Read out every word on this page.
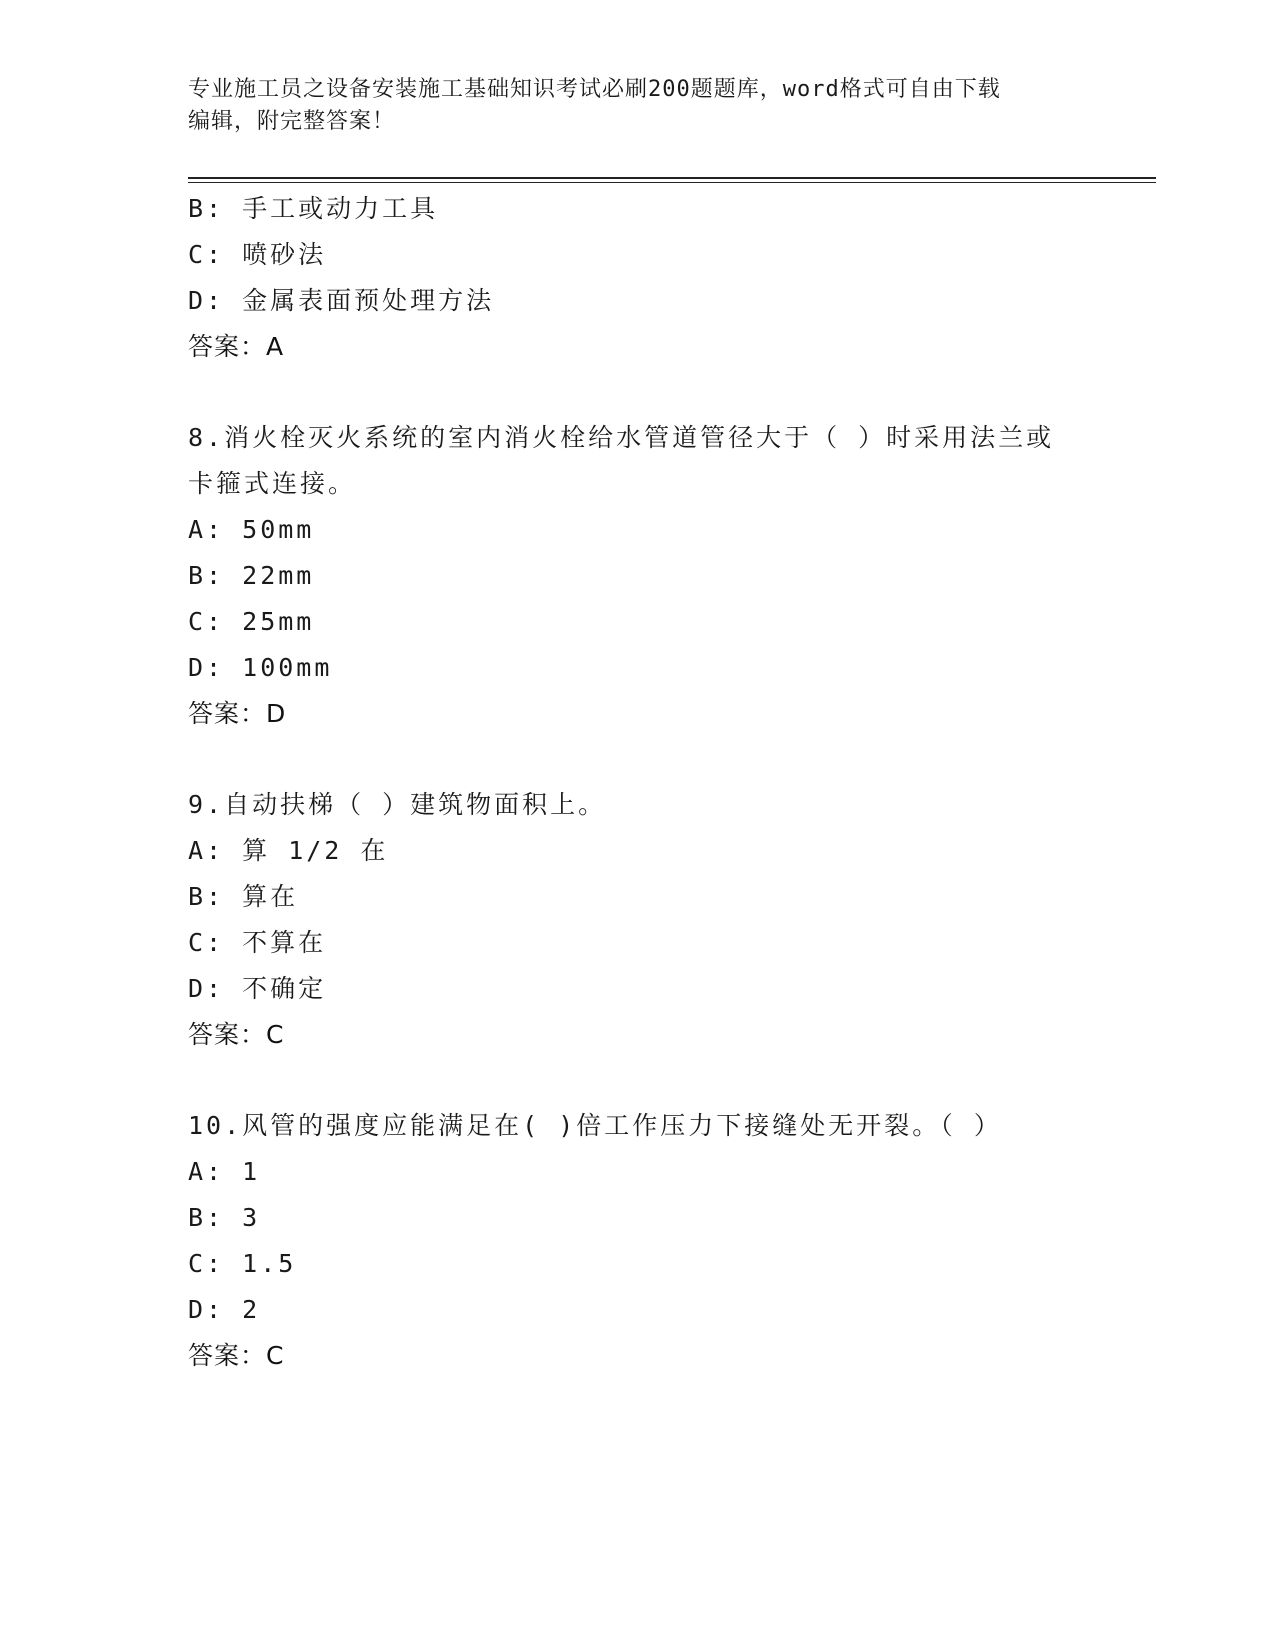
专业施工员之设备安装施工基础知识考试必刷200题题库，word格式可自由下载
编辑，附完整答案！
B: 手工或动力工具
C: 喷砂法
D: 金属表面预处理方法
答案：A
8.消火栓灭火系统的室内消火栓给水管道管径大于（ ）时采用法兰或
卡箍式连接。
A: 50mm
B: 22mm
C: 25mm
D: 100mm
答案：D
9.自动扶梯（ ）建筑物面积上。
A: 算 1/2 在
B: 算在
C: 不算在
D: 不确定
答案：C
10.风管的强度应能满足在( )倍工作压力下接缝处无开裂。（ ）
A: 1
B: 3
C: 1.5
D: 2
答案：C
